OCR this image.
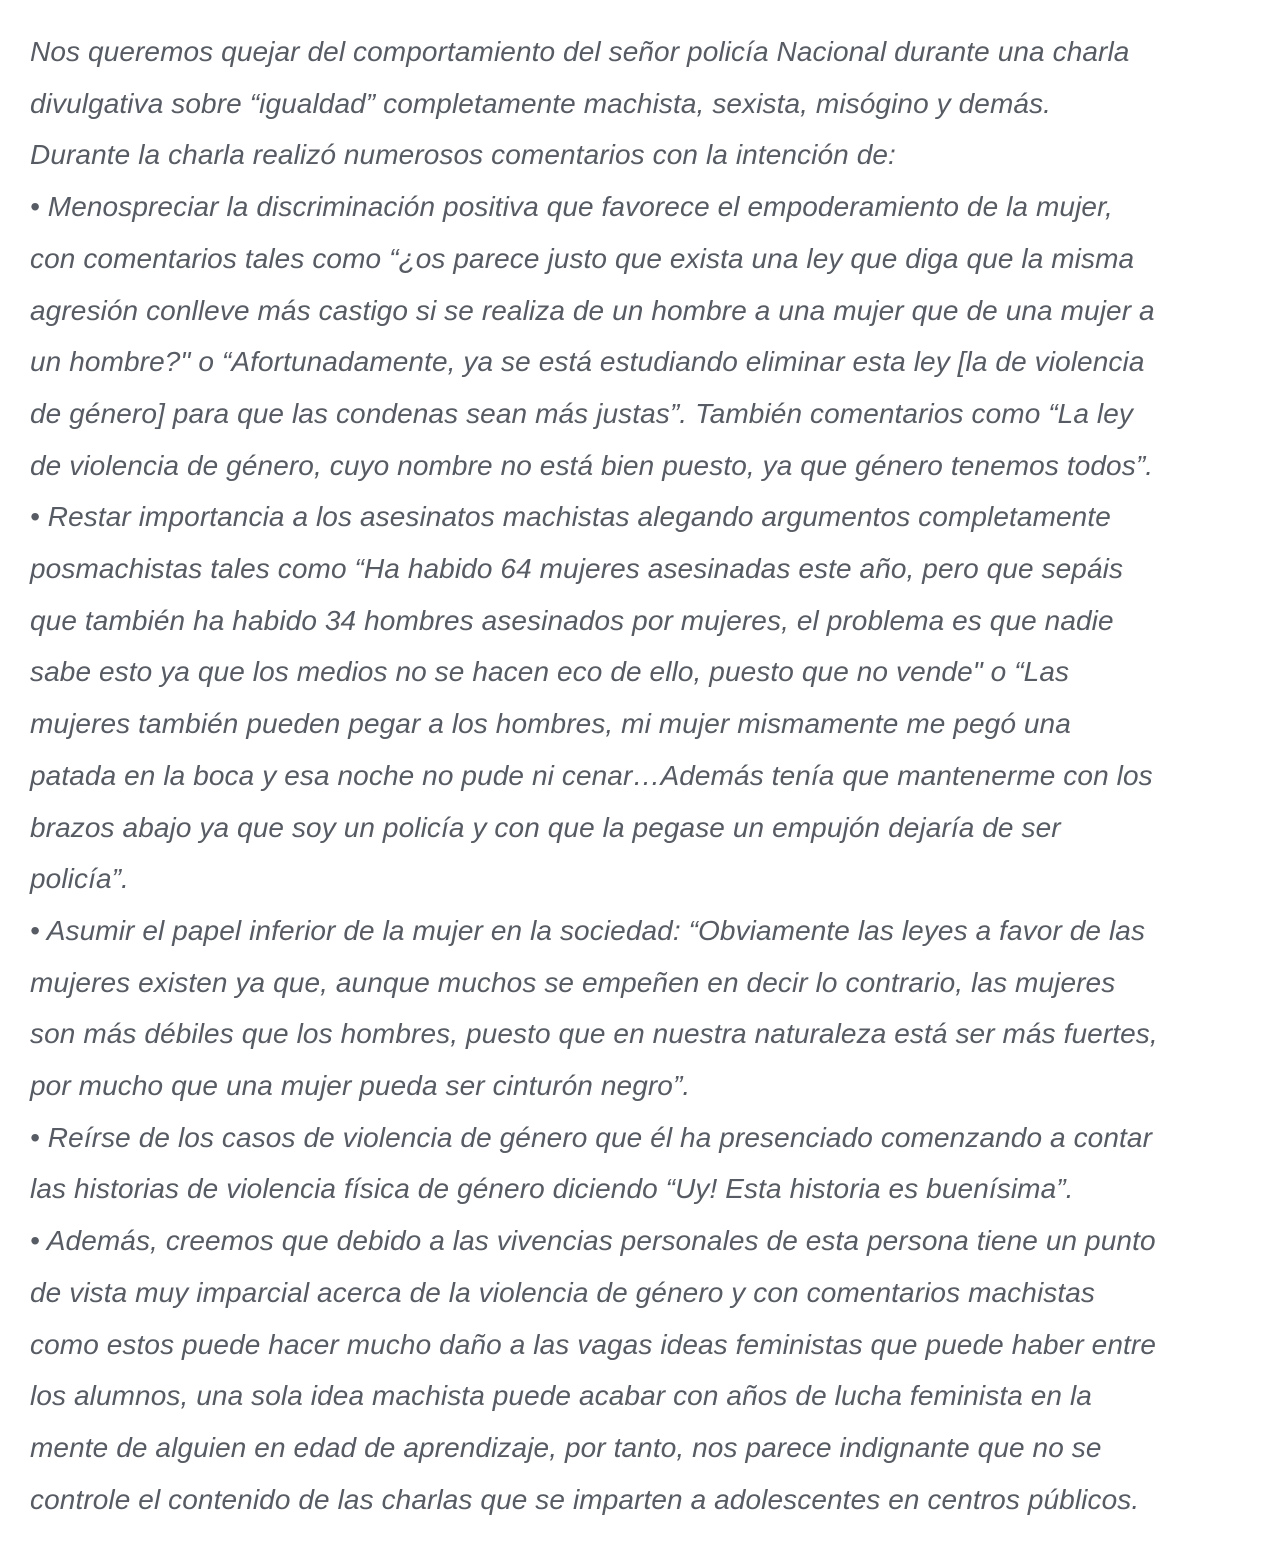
Nos queremos quejar del comportamiento del señor policía Nacional durante una charla
divulgativa sobre “igualdad” completamente machista, sexista, misógino y demás.
Durante la charla realizó numerosos comentarios con la intención de:
• Menospreciar la discriminación positiva que favorece el empoderamiento de la mujer,
con comentarios tales como “¿os parece justo que exista una ley que diga que la misma
agresión conlleve más castigo si se realiza de un hombre a una mujer que de una mujer a
un hombre?" o “Afortunadamente, ya se está estudiando eliminar esta ley [la de violencia
de género] para que las condenas sean más justas”. También comentarios como “La ley
de violencia de género, cuyo nombre no está bien puesto, ya que género tenemos todos”.
• Restar importancia a los asesinatos machistas alegando argumentos completamente
posmachistas tales como “Ha habido 64 mujeres asesinadas este año, pero que sepáis
que también ha habido 34 hombres asesinados por mujeres, el problema es que nadie
sabe esto ya que los medios no se hacen eco de ello, puesto que no vende" o “Las
mujeres también pueden pegar a los hombres, mi mujer mismamente me pegó una
patada en la boca y esa noche no pude ni cenar…Además tenía que mantenerme con los
brazos abajo ya que soy un policía y con que la pegase un empujón dejaría de ser
policía”.
• Asumir el papel inferior de la mujer en la sociedad: “Obviamente las leyes a favor de las
mujeres existen ya que, aunque muchos se empeñen en decir lo contrario, las mujeres
son más débiles que los hombres, puesto que en nuestra naturaleza está ser más fuertes,
por mucho que una mujer pueda ser cinturón negro”.
• Reírse de los casos de violencia de género que él ha presenciado comenzando a contar
las historias de violencia física de género diciendo “Uy! Esta historia es buenísima”.
• Además, creemos que debido a las vivencias personales de esta persona tiene un punto
de vista muy imparcial acerca de la violencia de género y con comentarios machistas
como estos puede hacer mucho daño a las vagas ideas feministas que puede haber entre
los alumnos, una sola idea machista puede acabar con años de lucha feminista en la
mente de alguien en edad de aprendizaje, por tanto, nos parece indignante que no se
controle el contenido de las charlas que se imparten a adolescentes en centros públicos.
